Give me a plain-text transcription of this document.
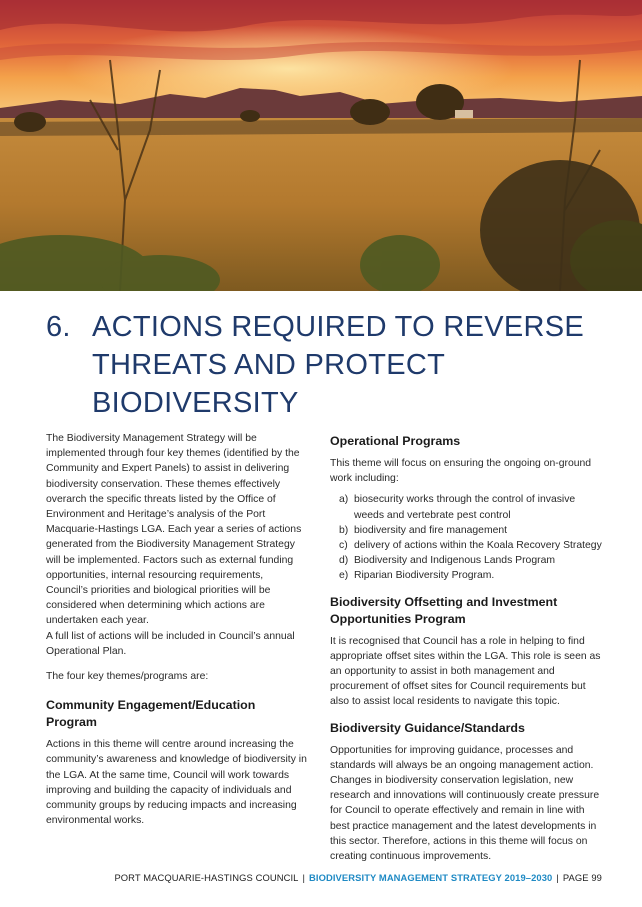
6. ACTIONS REQUIRED TO REVERSE
THREATS AND PROTECT
BIODIVERSITY

The Biodiversity Management Strategy will be implemented through four key themes (identified by the Community and Expert Panels) to assist in delivering biodiversity conservation. These themes effectively overarch the specific threats listed by the Office of Environment and Heritage’s analysis of the Port Macquarie-Hastings LGA. Each year a series of actions generated from the Biodiversity Management Strategy will be implemented. Factors such as external funding opportunities, internal resourcing requirements, Council’s priorities and biological priorities will be considered when determining which actions are undertaken each year.

A full list of actions will be included in Council’s annual Operational Plan.

The four key themes/programs are:

Community Engagement/Education Program

Actions in this theme will centre around increasing the community’s awareness and knowledge of biodiversity in the LGA. At the same time, Council will work towards improving and building the capacity of individuals and community groups by reducing impacts and increasing environmental works.

Operational Programs

This theme will focus on ensuring the ongoing on-ground work including:

a) biosecurity works through the control of invasive weeds and vertebrate pest control
b) biodiversity and fire management
c) delivery of actions within the Koala Recovery Strategy
d) Biodiversity and Indigenous Lands Program
e) Riparian Biodiversity Program.
Biodiversity Offsetting and Investment Opportunities Program

It is recognised that Council has a role in helping to find appropriate offset sites within the LGA. This role is seen as an opportunity to assist in both management and procurement of offset sites for Council requirements but also to assist local residents to navigate this topic.

Biodiversity Guidance/Standards

Opportunities for improving guidance, processes and standards will always be an ongoing management action. Changes in biodiversity conservation legislation, new research and innovations will continuously create pressure for Council to operate effectively and remain in line with best practice management and the latest developments in this sector. Therefore, actions in this theme will focus on creating continuous improvements.

PORT MACQUARIE-HASTINGS COUNCIL | BIODIVERSITY MANAGEMENT STRATEGY 2019–2030 | PAGE 99
